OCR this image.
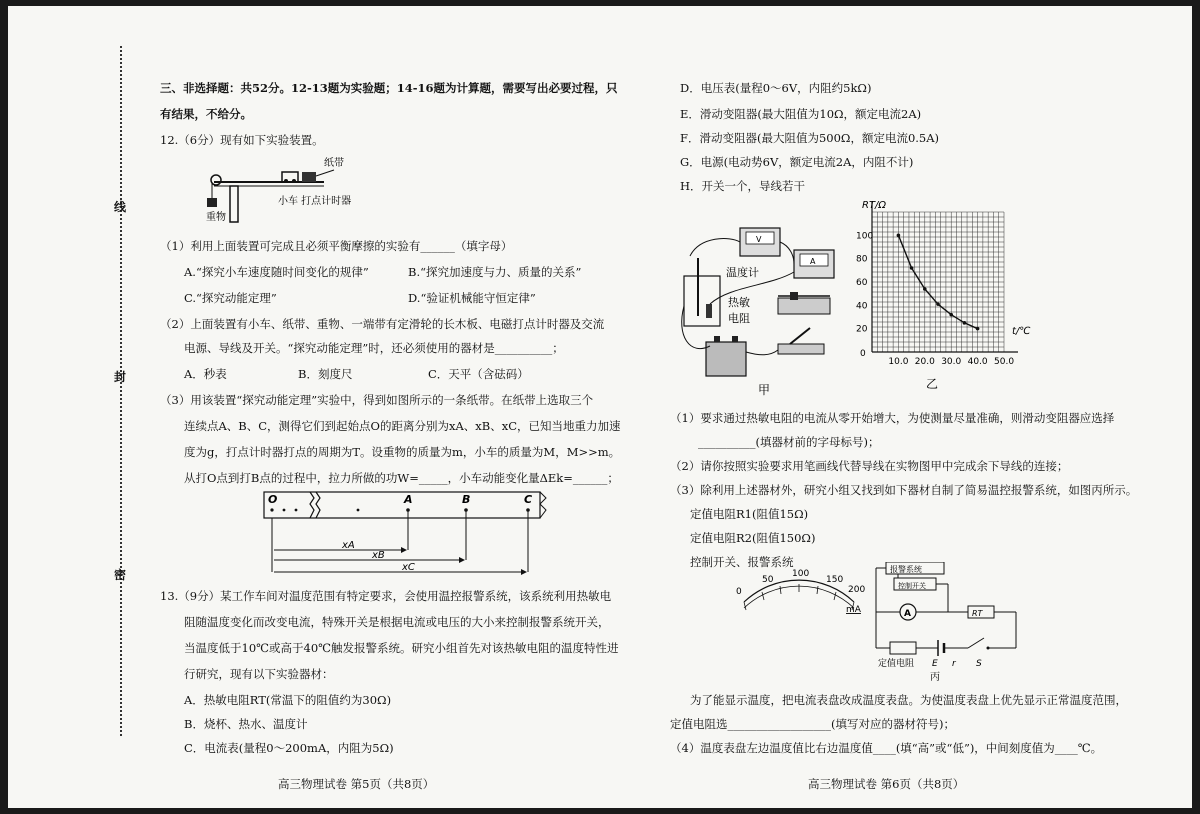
线
封
密
三、非选择题：共52分。12-13题为实验题；14-16题为计算题，需要写出必要过程，只
有结果，不给分。
12.（6分）现有如下实验装置。
纸带
小车 打点计时器
重物
（1）利用上面装置可完成且必须平衡摩擦的实验有______（填字母）
A.“探究小车速度随时间变化的规律”	B.“探究加速度与力、质量的关系”
C.“探究动能定理”	D.“验证机械能守恒定律”
（2）上面装置有小车、纸带、重物、一端带有定滑轮的长木板、电磁打点计时器及交流
电源、导线及开关。“探究动能定理”时，还必须使用的器材是__________；
A．秒表	B．刻度尺	C．天平（含砝码）
（3）用该装置“探究动能定理”实验中，得到如图所示的一条纸带。在纸带上选取三个
连续点A、B、C，测得它们到起始点O的距离分别为xA、xB、xC，已知当地重力加速
度为g，打点计时器打点的周期为T。设重物的质量为m，小车的质量为M，M>>m。
从打O点到打B点的过程中，拉力所做的功W=_____，小车动能变化量ΔEk=______；
O	A	B	C
xA
xB
xC
13.（9分）某工作车间对温度范围有特定要求，会使用温控报警系统，该系统利用热敏电
阻随温度变化而改变电流，特殊开关是根据电流或电压的大小来控制报警系统开关，
当温度低于10℃或高于40℃触发报警系统。研究小组首先对该热敏电阻的温度特性进
行研究，现有以下实验器材：
A．热敏电阻RT(常温下的阻值约为30Ω)
B．烧杯、热水、温度计
C．电流表(量程0～200mA，内阻为5Ω)
高三物理试卷 第5页（共8页）
D．电压表(量程0～6V，内阻约5kΩ)
E．滑动变阻器(最大阻值为10Ω，额定电流2A)
F．滑动变阻器(最大阻值为500Ω，额定电流0.5A)
G．电源(电动势6V，额定电流2A，内阻不计)
H．开关一个，导线若干
V
A
温度计
热敏
电阻
甲
10.0 20.0 30.0 40.0 50.0
20
40
60
80
100
0
RT/Ω
t/℃
乙
（1）要求通过热敏电阻的电流从零开始增大，为使测量尽量准确，则滑动变阻器应选择
__________(填器材前的字母标号)；
（2）请你按照实验要求用笔画线代替导线在实物图甲中完成余下导线的连接；
（3）除利用上述器材外，研究小组又找到如下器材自制了简易温控报警系统，如图丙所示。
定值电阻R1(阻值15Ω)
定值电阻R2(阻值150Ω)
控制开关、报警系统
0
50
100
150
200
mA
报警系统
控制开关
A	RT
定值电阻 E r S
丙
为了能显示温度，把电流表盘改成温度表盘。为使温度表盘上优先显示正常温度范围，
定值电阻选__________________(填写对应的器材符号)；
（4）温度表盘左边温度值比右边温度值____(填“高”或“低”)，中间刻度值为____℃。
高三物理试卷 第6页（共8页）
